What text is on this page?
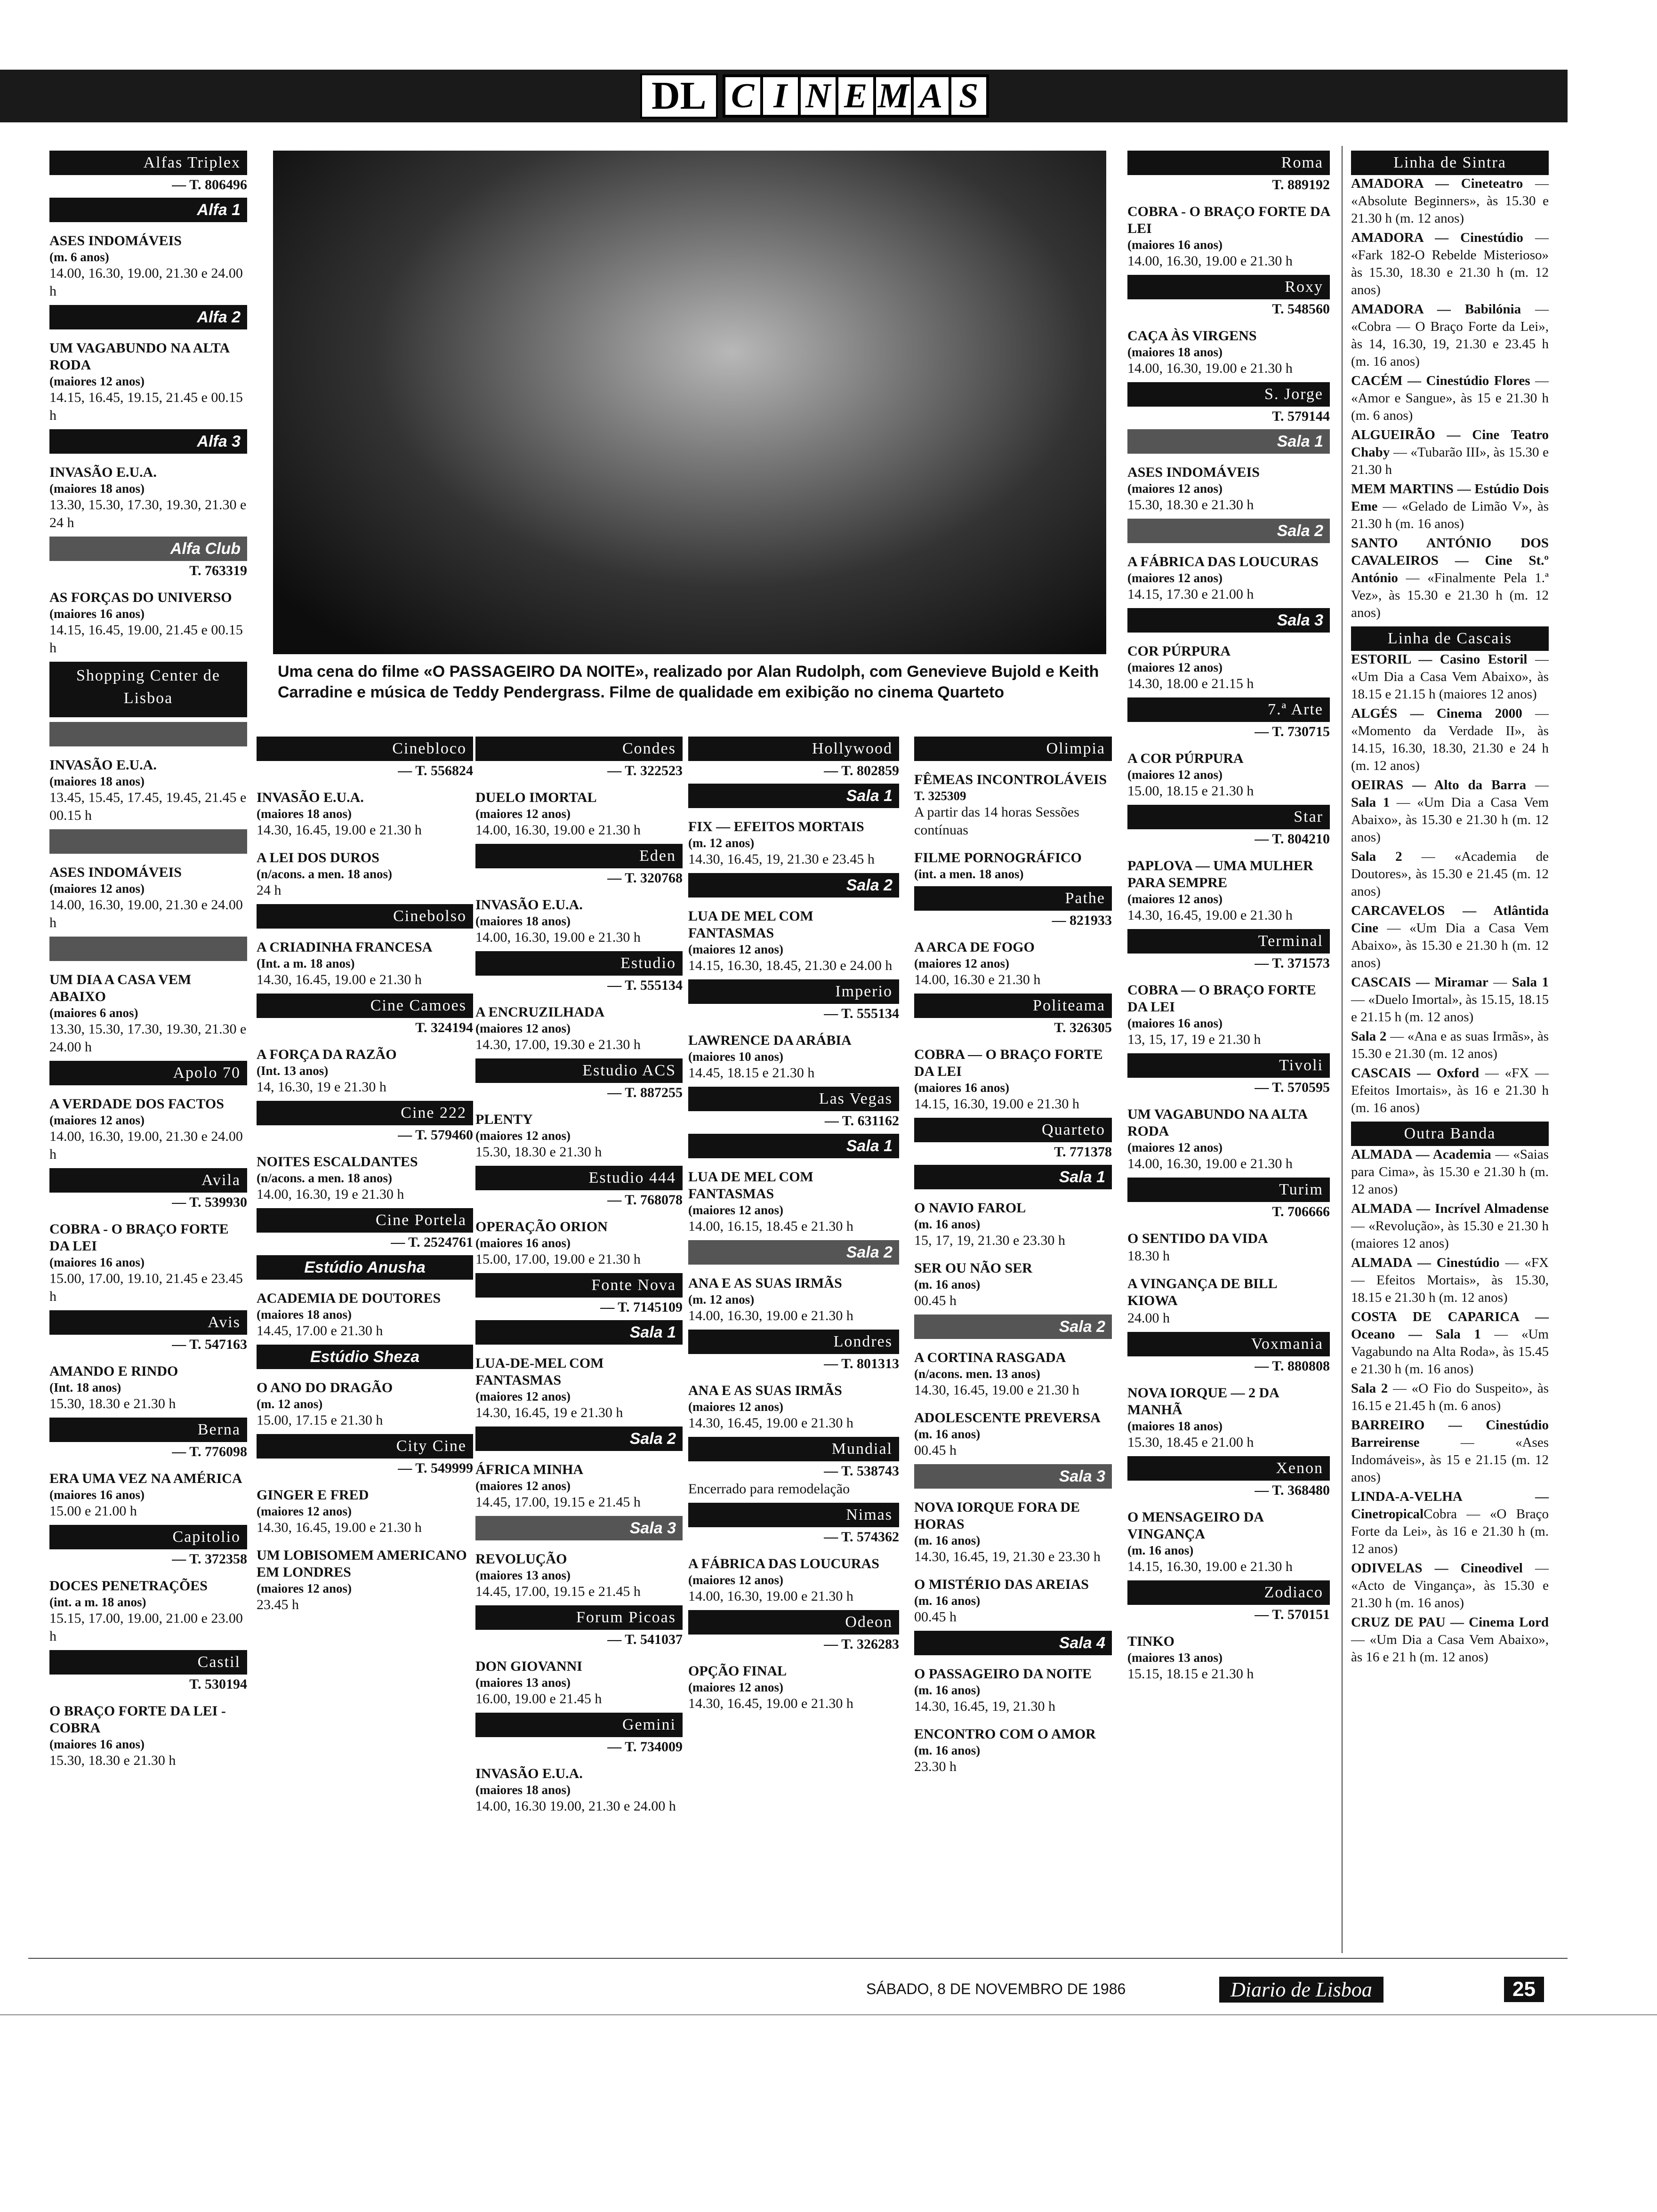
DL C I N E M A S
Uma cena do filme «O PASSAGEIRO DA NOITE», realizado por Alan Rudolph, com Genevieve Bujold e Keith Carradine e música de Teddy Pendergrass. Filme de qualidade em exibição no cinema Quarteto
Alfas Triplex
— T. 806496
Alfa 1
ASES INDOMÁVEIS
(m. 6 anos)
14.00, 16.30, 19.00, 21.30 e 24.00 h
Alfa 2
UM VAGABUNDO NA ALTA RODA
(maiores 12 anos)
14.15, 16.45, 19.15, 21.45 e 00.15 h
Alfa 3
INVASÃO E.U.A.
(maiores 18 anos)
13.30, 15.30, 17.30, 19.30, 21.30 e 24 h
Alfa Club
T. 763319
AS FORÇAS DO UNIVERSO
(maiores 16 anos)
14.15, 16.45, 19.00, 21.45 e 00.15 h
Shopping Center de Lisboa
INVASÃO E.U.A.
(maiores 18 anos)
13.45, 15.45, 17.45, 19.45, 21.45 e 00.15 h
ASES INDOMÁVEIS
(maiores 12 anos)
14.00, 16.30, 19.00, 21.30 e 24.00 h
UM DIA A CASA VEM ABAIXO
(maiores 6 anos)
13.30, 15.30, 17.30, 19.30, 21.30 e 24.00 h
Apolo 70
A VERDADE DOS FACTOS
(maiores 12 anos)
14.00, 16.30, 19.00, 21.30 e 24.00 h
Avila
— T. 539930
COBRA - O BRAÇO FORTE DA LEI
(maiores 16 anos)
15.00, 17.00, 19.10, 21.45 e 23.45 h
Avis
— T. 547163
AMANDO E RINDO
(Int. 18 anos)
15.30, 18.30 e 21.30 h
Berna
— T. 776098
ERA UMA VEZ NA AMÉRICA
(maiores 16 anos)
15.00 e 21.00 h
Capitolio
— T. 372358
DOCES PENETRAÇÕES
(int. a m. 18 anos)
15.15, 17.00, 19.00, 21.00 e 23.00 h
Castil
T. 530194
O BRAÇO FORTE DA LEI - COBRA
(maiores 16 anos)
15.30, 18.30 e 21.30 h
Cinebloco
— T. 556824
INVASÃO E.U.A.
(maiores 18 anos)
14.30, 16.45, 19.00 e 21.30 h
A LEI DOS DUROS
(n/acons. a men. 18 anos)
24 h
Cinebolso
A CRIADINHA FRANCESA
(Int. a m. 18 anos)
14.30, 16.45, 19.00 e 21.30 h
Cine Camoes
T. 324194
A FORÇA DA RAZÃO
(Int. 13 anos)
14, 16.30, 19 e 21.30 h
Cine 222
— T. 579460
NOITES ESCALDANTES
(n/acons. a men. 18 anos)
14.00, 16.30, 19 e 21.30 h
Cine Portela
— T. 2524761
Estúdio Anusha
ACADEMIA DE DOUTORES
(maiores 18 anos)
14.45, 17.00 e 21.30 h
Estúdio Sheza
O ANO DO DRAGÃO
(m. 12 anos)
15.00, 17.15 e 21.30 h
City Cine
— T. 549999
GINGER E FRED
(maiores 12 anos)
14.30, 16.45, 19.00 e 21.30 h
UM LOBISOMEM AMERICANO EM LONDRES
(maiores 12 anos)
23.45 h
Condes
— T. 322523
DUELO IMORTAL
(maiores 12 anos)
14.00, 16.30, 19.00 e 21.30 h
Eden
— T. 320768
INVASÃO E.U.A.
(maiores 18 anos)
14.00, 16.30, 19.00 e 21.30 h
Estudio
— T. 555134
A ENCRUZILHADA
(maiores 12 anos)
14.30, 17.00, 19.30 e 21.30 h
Estudio ACS
— T. 887255
PLENTY
(maiores 12 anos)
15.30, 18.30 e 21.30 h
Estudio 444
— T. 768078
OPERAÇÃO ORION
(maiores 16 anos)
15.00, 17.00, 19.00 e 21.30 h
Fonte Nova
— T. 7145109
Sala 1
LUA-DE-MEL COM FANTASMAS
(maiores 12 anos)
14.30, 16.45, 19 e 21.30 h
Sala 2
ÁFRICA MINHA
(maiores 12 anos)
14.45, 17.00, 19.15 e 21.45 h
Sala 3
REVOLUÇÃO
(maiores 13 anos)
14.45, 17.00, 19.15 e 21.45 h
Forum Picoas
— T. 541037
DON GIOVANNI
(maiores 13 anos)
16.00, 19.00 e 21.45 h
Gemini
— T. 734009
INVASÃO E.U.A.
(maiores 18 anos)
14.00, 16.30 19.00, 21.30 e 24.00 h
Hollywood
— T. 802859
Sala 1
FIX — EFEITOS MORTAIS
(m. 12 anos)
14.30, 16.45, 19, 21.30 e 23.45 h
Sala 2
LUA DE MEL COM FANTASMAS
(maiores 12 anos)
14.15, 16.30, 18.45, 21.30 e 24.00 h
Imperio
— T. 555134
LAWRENCE DA ARÁBIA
(maiores 10 anos)
14.45, 18.15 e 21.30 h
Las Vegas
— T. 631162
Sala 1
LUA DE MEL COM FANTASMAS
(maiores 12 anos)
14.00, 16.15, 18.45 e 21.30 h
Sala 2
ANA E AS SUAS IRMÃS
(m. 12 anos)
14.00, 16.30, 19.00 e 21.30 h
Londres
— T. 801313
ANA E AS SUAS IRMÃS
(maiores 12 anos)
14.30, 16.45, 19.00 e 21.30 h
Mundial
— T. 538743
Encerrado para remodelação
Nimas
— T. 574362
A FÁBRICA DAS LOUCURAS
(maiores 12 anos)
14.00, 16.30, 19.00 e 21.30 h
Odeon
— T. 326283
OPÇÃO FINAL
(maiores 12 anos)
14.30, 16.45, 19.00 e 21.30 h
Olimpia
FÊMEAS INCONTROLÁVEIS
T. 325309
A partir das 14 horas Sessões contínuas
FILME PORNOGRÁFICO
(int. a men. 18 anos)
Pathe
— 821933
A ARCA DE FOGO
(maiores 12 anos)
14.00, 16.30 e 21.30 h
Politeama
T. 326305
COBRA — O BRAÇO FORTE DA LEI
(maiores 16 anos)
14.15, 16.30, 19.00 e 21.30 h
Quarteto
T. 771378
Sala 1
O NAVIO FAROL
(m. 16 anos)
15, 17, 19, 21.30 e 23.30 h
SER OU NÃO SER
(m. 16 anos)
00.45 h
Sala 2
A CORTINA RASGADA
(n/acons. men. 13 anos)
14.30, 16.45, 19.00 e 21.30 h
ADOLESCENTE PREVERSA
(m. 16 anos)
00.45 h
Sala 3
NOVA IORQUE FORA DE HORAS
(m. 16 anos)
14.30, 16.45, 19, 21.30 e 23.30 h
O MISTÉRIO DAS AREIAS
(m. 16 anos)
00.45 h
Sala 4
O PASSAGEIRO DA NOITE
(m. 16 anos)
14.30, 16.45, 19, 21.30 h
ENCONTRO COM O AMOR
(m. 16 anos)
23.30 h
Roma
T. 889192
COBRA - O BRAÇO FORTE DA LEI
(maiores 16 anos)
14.00, 16.30, 19.00 e 21.30 h
Roxy
T. 548560
CAÇA ÀS VIRGENS
(maiores 18 anos)
14.00, 16.30, 19.00 e 21.30 h
S. Jorge
T. 579144
Sala 1
ASES INDOMÁVEIS
(maiores 12 anos)
15.30, 18.30 e 21.30 h
Sala 2
A FÁBRICA DAS LOUCURAS
(maiores 12 anos)
14.15, 17.30 e 21.00 h
Sala 3
COR PÚRPURA
(maiores 12 anos)
14.30, 18.00 e 21.15 h
7.ª Arte
— T. 730715
A COR PÚRPURA
(maiores 12 anos)
15.00, 18.15 e 21.30 h
Star
— T. 804210
PAPLOVA — UMA MULHER PARA SEMPRE
(maiores 12 anos)
14.30, 16.45, 19.00 e 21.30 h
Terminal
— T. 371573
COBRA — O BRAÇO FORTE DA LEI
(maiores 16 anos)
13, 15, 17, 19 e 21.30 h
Tivoli
— T. 570595
UM VAGABUNDO NA ALTA RODA
(maiores 12 anos)
14.00, 16.30, 19.00 e 21.30 h
Turim
T. 706666
O SENTIDO DA VIDA
18.30 h
A VINGANÇA DE BILL KIOWA
24.00 h
Voxmania
— T. 880808
NOVA IORQUE — 2 DA MANHÃ
(maiores 18 anos)
15.30, 18.45 e 21.00 h
Xenon
— T. 368480
O MENSAGEIRO DA VINGANÇA
(m. 16 anos)
14.15, 16.30, 19.00 e 21.30 h
Zodiaco
— T. 570151
TINKO
(maiores 13 anos)
15.15, 18.15 e 21.30 h
Linha de Sintra
AMADORA — Cineteatro — «Absolute Beginners», às 15.30 e 21.30 h (m. 12 anos)
AMADORA — Cinestúdio — «Fark 182-O Rebelde Misterioso» às 15.30, 18.30 e 21.30 h (m. 12 anos)
AMADORA — Babilónia — «Cobra — O Braço Forte da Lei», às 14, 16.30, 19, 21.30 e 23.45 h (m. 16 anos)
CACÉM — Cinestúdio Flores — «Amor e Sangue», às 15 e 21.30 h (m. 6 anos)
ALGUEIRÃO — Cine Teatro Chaby — «Tubarão III», às 15.30 e 21.30 h
MEM MARTINS — Estúdio Dois Eme — «Gelado de Limão V», às 21.30 h (m. 16 anos)
SANTO ANTÓNIO DOS CAVALEIROS — Cine St.º António — «Finalmente Pela 1.ª Vez», às 15.30 e 21.30 h (m. 12 anos)
Linha de Cascais
ESTORIL — Casino Estoril — «Um Dia a Casa Vem Abaixo», às 18.15 e 21.15 h (maiores 12 anos)
ALGÉS — Cinema 2000 — «Momento da Verdade II», às 14.15, 16.30, 18.30, 21.30 e 24 h (m. 12 anos)
OEIRAS — Alto da Barra — Sala 1 — «Um Dia a Casa Vem Abaixo», às 15.30 e 21.30 h (m. 12 anos)
Sala 2 — «Academia de Doutores», às 15.30 e 21.45 (m. 12 anos)
CARCAVELOS — Atlântida Cine — «Um Dia a Casa Vem Abaixo», às 15.30 e 21.30 h (m. 12 anos)
CASCAIS — Miramar — Sala 1 — «Duelo Imortal», às 15.15, 18.15 e 21.15 h (m. 12 anos)
Sala 2 — «Ana e as suas Irmãs», às 15.30 e 21.30 (m. 12 anos)
CASCAIS — Oxford — «FX — Efeitos Imortais», às 16 e 21.30 h (m. 16 anos)
Outra Banda
ALMADA — Academia — «Saias para Cima», às 15.30 e 21.30 h (m. 12 anos)
ALMADA — Incrível Almadense — «Revolução», às 15.30 e 21.30 h (maiores 12 anos)
ALMADA — Cinestúdio — «FX — Efeitos Mortais», às 15.30, 18.15 e 21.30 h (m. 12 anos)
COSTA DE CAPARICA — Oceano — Sala 1 — «Um Vagabundo na Alta Roda», às 15.45 e 21.30 h (m. 16 anos)
Sala 2 — «O Fio do Suspeito», às 16.15 e 21.45 h (m. 6 anos)
BARREIRO — Cinestúdio Barreirense — «Ases Indomáveis», às 15 e 21.15 (m. 12 anos)
LINDA-A-VELHA — CinetropicalCobra — «O Braço Forte da Lei», às 16 e 21.30 h (m. 12 anos)
ODIVELAS — Cineodivel — «Acto de Vingança», às 15.30 e 21.30 h (m. 16 anos)
CRUZ DE PAU — Cinema Lord — «Um Dia a Casa Vem Abaixo», às 16 e 21 h (m. 12 anos)
SÁBADO, 8 DE NOVEMBRO DE 1986	Diario de Lisboa	25
